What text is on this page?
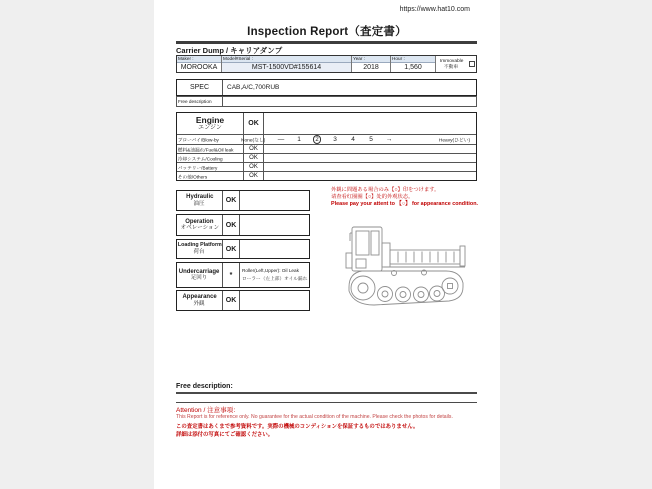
https://www.hat10.com
Inspection Report（査定書）
Carrier Dump / キャリアダンプ
Maker :
MOROOKA
Model#Serial :
MST-1500VD#155614
Year :
2018
Hour :
1,560
Immovable
不動車
SPEC	CAB,A/C,700RUB
Free description
Engine
エンジン
OK
ブローバイ/Blow-by	None(なし)	—	1	2	3	4	5	→	Heavy(ひどい)
燃料&油漏れ/Fuel&Oil leak	OK
冷却システム/Cooling	OK
バッテリー/Battery	OK
その他/Others	OK
Hydraulic
油圧	OK
Operation
オペレーション	OK
Loading Platform
荷台	OK
Undercarriage
足回り	*
Roller(Left,Upper): Oil Leak
ローラー（左上部）オイル漏れ
Appearance
外観	OK
外観に問題ある場合のみ【○】印をつけます。
请查看红圈圈【○】处的外观状态。
Please pay your attent to 【○】 for appearance condition.
Free description:
Attention / 注意事項：
This Report is for reference only. No guarantee for the actual condition of the machine. Please check the photos for details.
この査定書はあくまで参考資料です。実際の機械のコンディションを保証するものではありません。
詳細は添付の写真にてご確認ください。
